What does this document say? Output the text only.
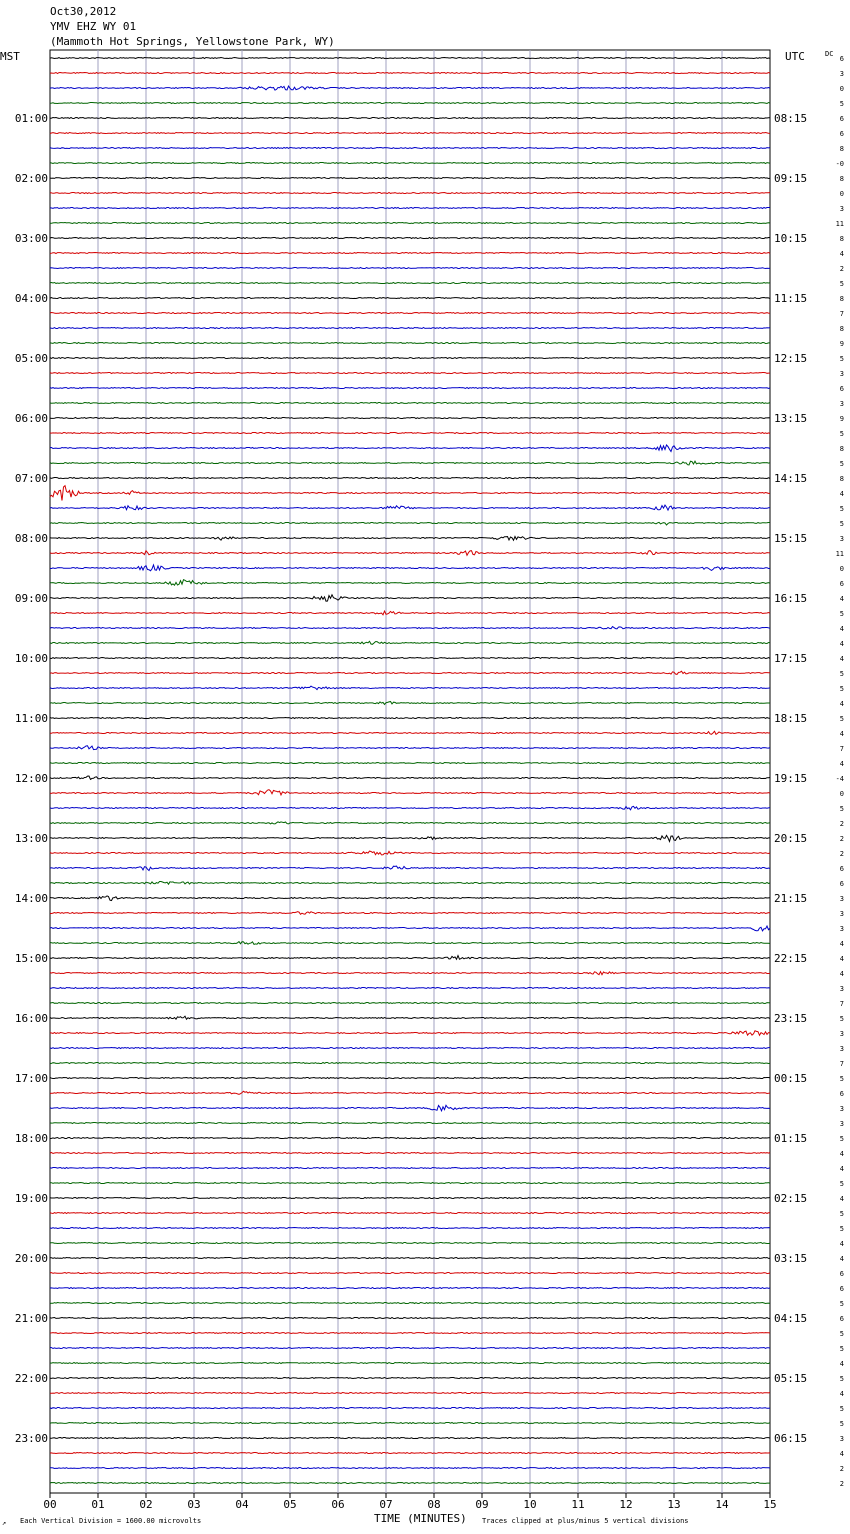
Oct30,2012
YMV EHZ WY 01
(Mammoth Hot Springs, Yellowstone Park, WY)
MST	UTC	DC
00	01	02	03	04	05	06	07	08	09	10	11	12	13	14	15
6
3
0
5
6
6
8
-0
8
0
3
11
8
4
2
5
8
7
8
9
5
3
6
3
9
5
8
5
8
4
5
5
3
11
0
6
4
5
4
4
4
5
5
4
5
4
7
4
-4
0
5
2
2
2
6
6
3
3
3
4
4
4
3
7
5
3
3
7
5
6
3
3
5
4
4
5
4
5
5
4
4
6
6
5
6
5
5
4
5
4
5
5
3
4
2
2
01:00	08:15
02:00	09:15
03:00	10:15
04:00	11:15
05:00	12:15
06:00	13:15
07:00	14:15
08:00	15:15
09:00	16:15
10:00	17:15
11:00	18:15
12:00	19:15
13:00	20:15
14:00	21:15
15:00	22:15
16:00	23:15
17:00	00:15
18:00	01:15
19:00	02:15
20:00	03:15
21:00	04:15
22:00	05:15
23:00	06:15
TIME (MINUTES)
Each Vertical Division = 1600.00 microvolts	Traces clipped at plus/minus 5 vertical divisions
↗
